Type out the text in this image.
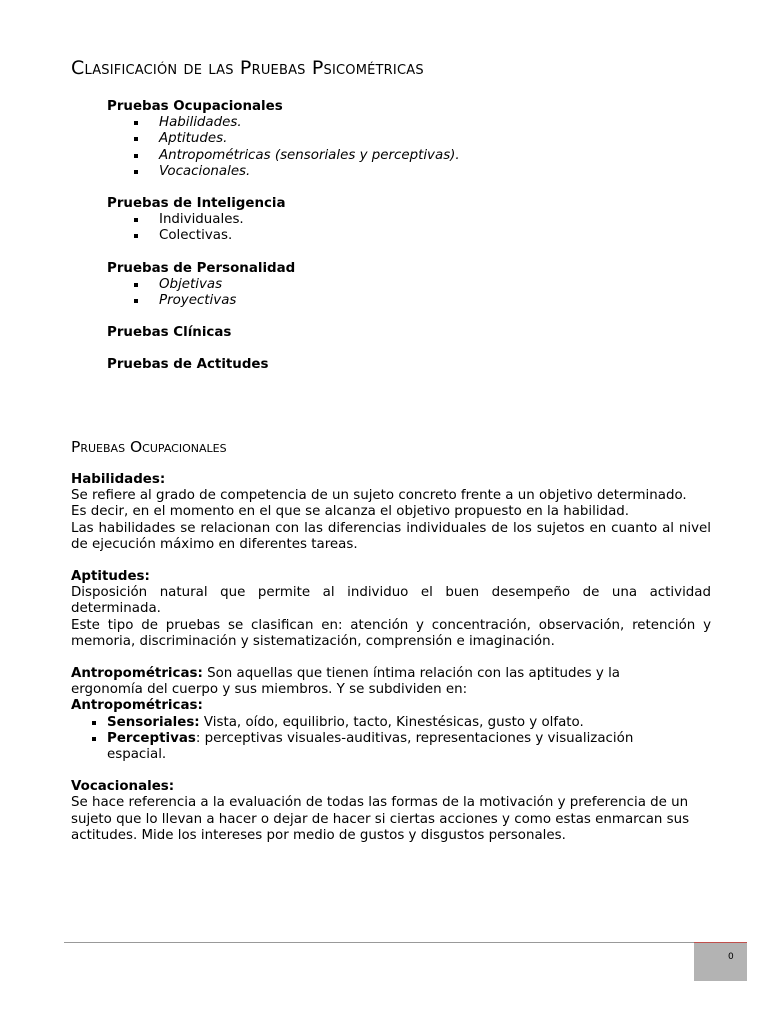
Clasificación de las Pruebas Psicométricas
Pruebas Ocupacionales
Habilidades.
Aptitudes.
Antropométricas (sensoriales y perceptivas).
Vocacionales.
Pruebas de Inteligencia
Individuales.
Colectivas.
Pruebas de Personalidad
Objetivas
Proyectivas
Pruebas Clínicas
Pruebas de Actitudes
Pruebas Ocupacionales
Habilidades:
Se refiere al grado de competencia de un sujeto concreto frente a un objetivo determinado.
Es decir, en el momento en el que se alcanza el objetivo propuesto en la habilidad.
Las habilidades se relacionan con las diferencias individuales de los sujetos en cuanto al nivel de ejecución máximo en diferentes tareas.
Aptitudes:
Disposición natural que permite al individuo el buen desempeño de una actividad determinada.
Este tipo de pruebas se clasifican en: atención y concentración, observación, retención y memoria, discriminación y sistematización, comprensión e imaginación.
Antropométricas: Son aquellas que tienen íntima relación con las aptitudes y la ergonomía del cuerpo y sus miembros. Y se subdividen en:
Antropométricas:
Sensoriales: Vista, oído, equilibrio, tacto, Kinestésicas, gusto y olfato.
Perceptivas: perceptivas visuales-auditivas, representaciones y visualización espacial.
Vocacionales:
Se hace referencia a la evaluación de todas las formas de la motivación y preferencia de un sujeto que lo llevan a hacer o dejar de hacer si ciertas acciones y como estas enmarcan sus actitudes. Mide los intereses por medio de gustos y disgustos personales.
0
